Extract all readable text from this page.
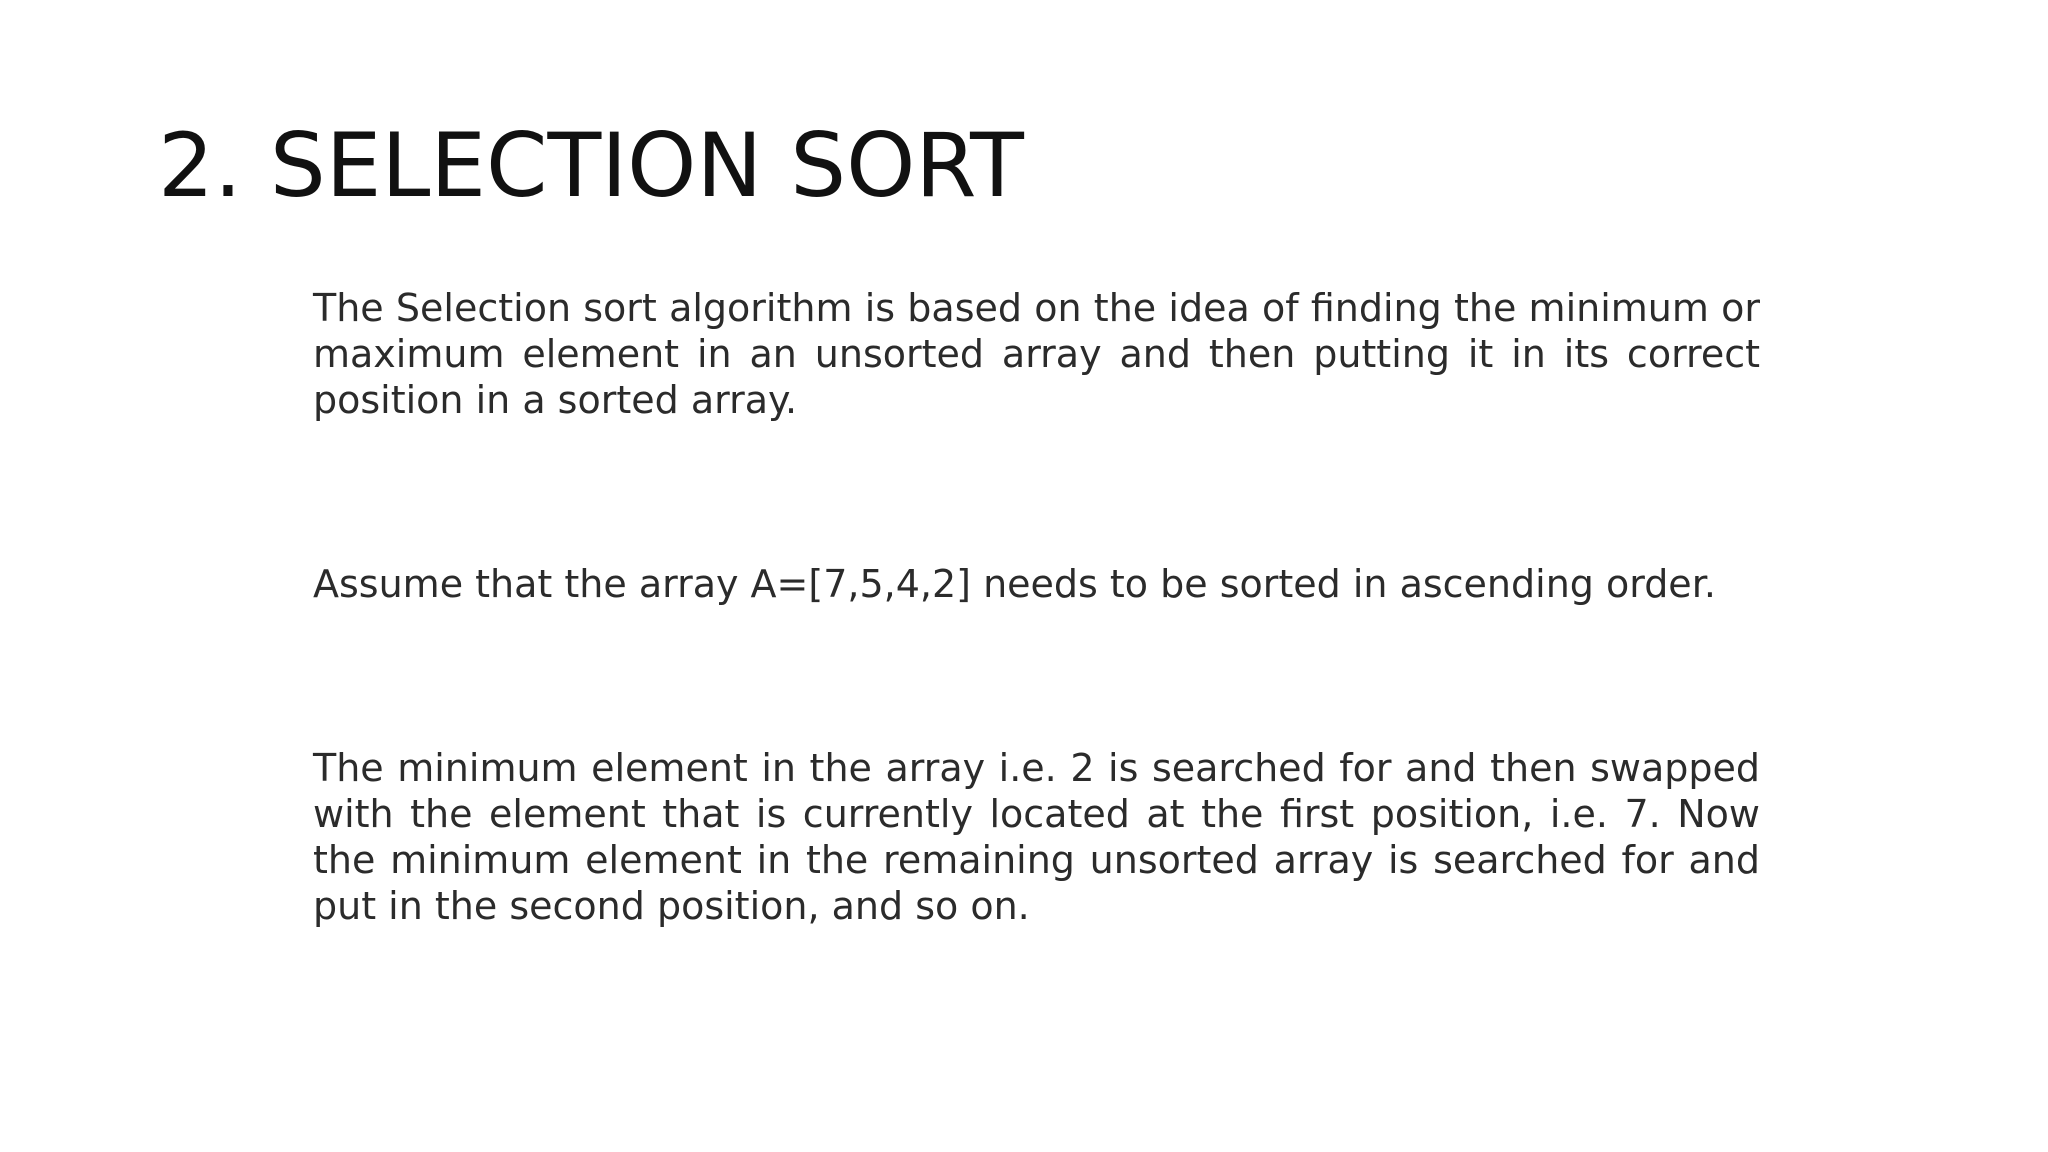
2. SELECTION SORT

The Selection sort algorithm is based on the idea of finding the minimum or maximum element in an unsorted array and then putting it in its correct position in a sorted array.

Assume that the array A=[7,5,4,2] needs to be sorted in ascending order.

The minimum element in the array i.e. 2 is searched for and then swapped with the element that is currently located at the first position, i.e. 7. Now the minimum element in the remaining unsorted array is searched for and put in the second position, and so on.
